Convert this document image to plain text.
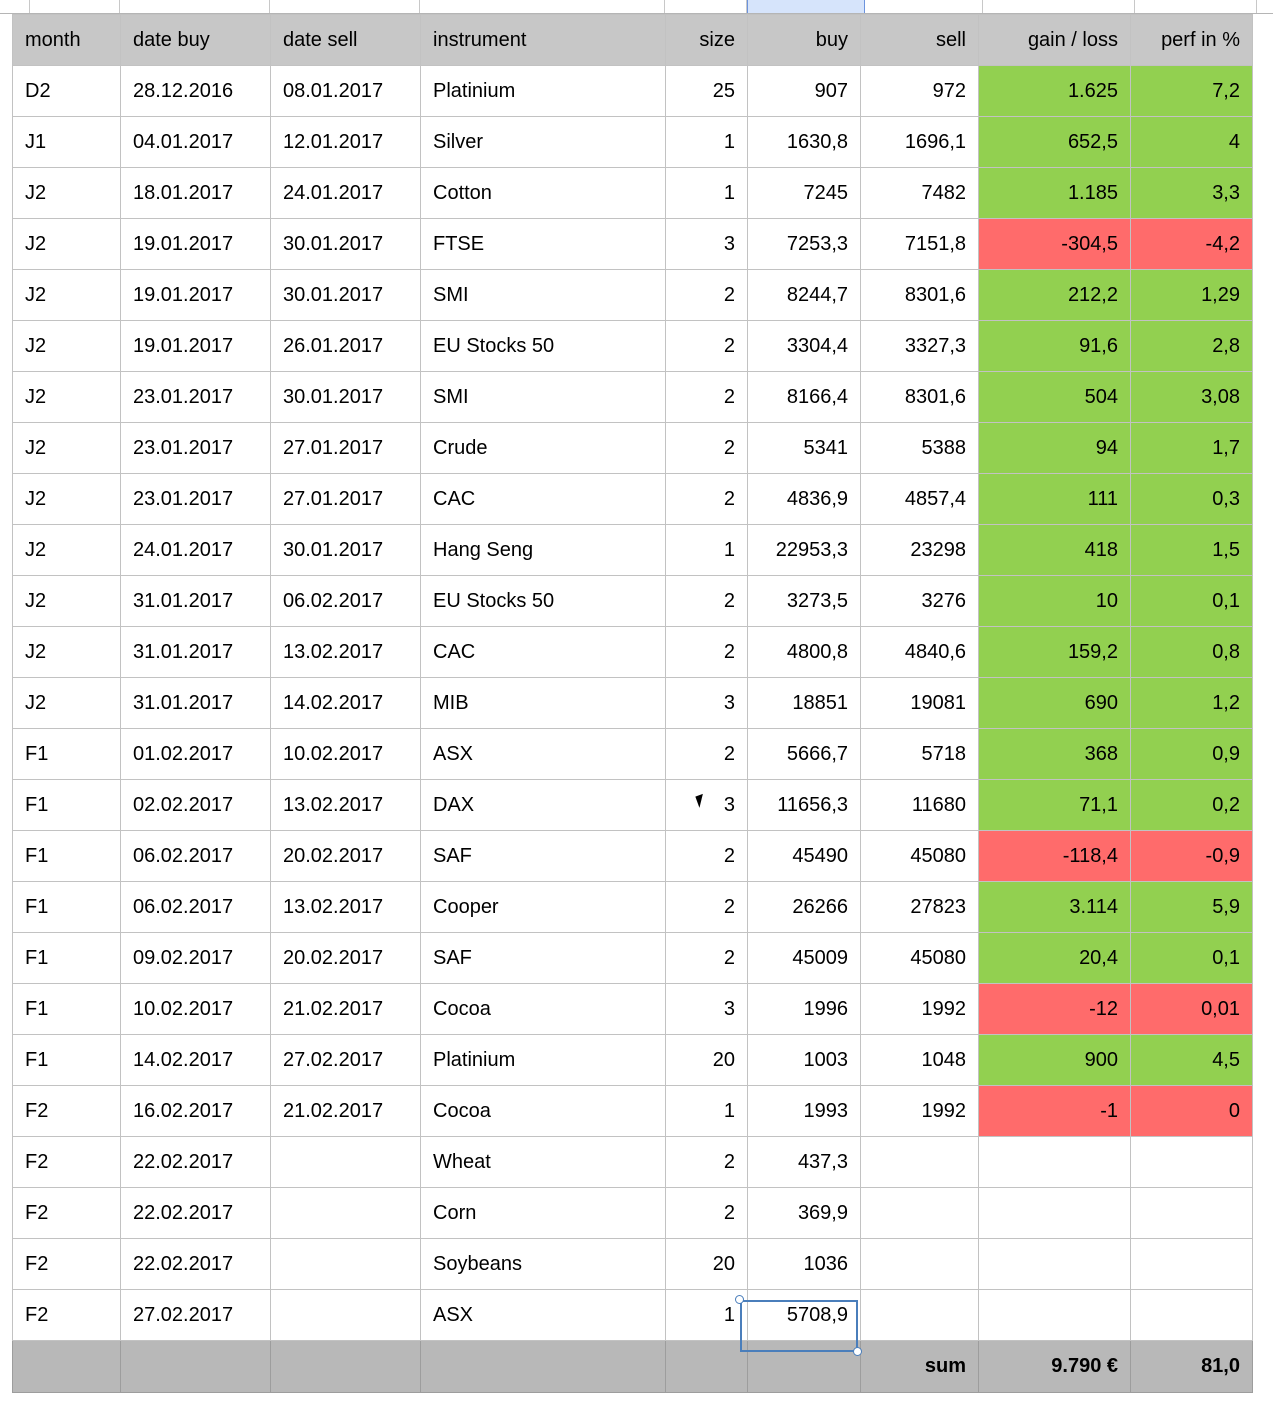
month	date buy	date sell	instrument	size	buy	sell	gain / loss	perf in %
D2	28.12.2016	08.01.2017	Platinium	25	907	972	1.625	7,2
J1	04.01.2017	12.01.2017	Silver	1	1630,8	1696,1	652,5	4
J2	18.01.2017	24.01.2017	Cotton	1	7245	7482	1.185	3,3
J2	19.01.2017	30.01.2017	FTSE	3	7253,3	7151,8	-304,5	-4,2
J2	19.01.2017	30.01.2017	SMI	2	8244,7	8301,6	212,2	1,29
J2	19.01.2017	26.01.2017	EU Stocks 50	2	3304,4	3327,3	91,6	2,8
J2	23.01.2017	30.01.2017	SMI	2	8166,4	8301,6	504	3,08
J2	23.01.2017	27.01.2017	Crude	2	5341	5388	94	1,7
J2	23.01.2017	27.01.2017	CAC	2	4836,9	4857,4	111	0,3
J2	24.01.2017	30.01.2017	Hang Seng	1	22953,3	23298	418	1,5
J2	31.01.2017	06.02.2017	EU Stocks 50	2	3273,5	3276	10	0,1
J2	31.01.2017	13.02.2017	CAC	2	4800,8	4840,6	159,2	0,8
J2	31.01.2017	14.02.2017	MIB	3	18851	19081	690	1,2
F1	01.02.2017	10.02.2017	ASX	2	5666,7	5718	368	0,9
F1	02.02.2017	13.02.2017	DAX	3	11656,3	11680	71,1	0,2
F1	06.02.2017	20.02.2017	SAF	2	45490	45080	-118,4	-0,9
F1	06.02.2017	13.02.2017	Cooper	2	26266	27823	3.114	5,9
F1	09.02.2017	20.02.2017	SAF	2	45009	45080	20,4	0,1
F1	10.02.2017	21.02.2017	Cocoa	3	1996	1992	-12	0,01
F1	14.02.2017	27.02.2017	Platinium	20	1003	1048	900	4,5
F2	16.02.2017	21.02.2017	Cocoa	1	1993	1992	-1	0
F2	22.02.2017		Wheat	2	437,3			
F2	22.02.2017		Corn	2	369,9			
F2	22.02.2017		Soybeans	20	1036			
F2	27.02.2017		ASX	1	5708,9			
						sum	9.790 €	81,0
